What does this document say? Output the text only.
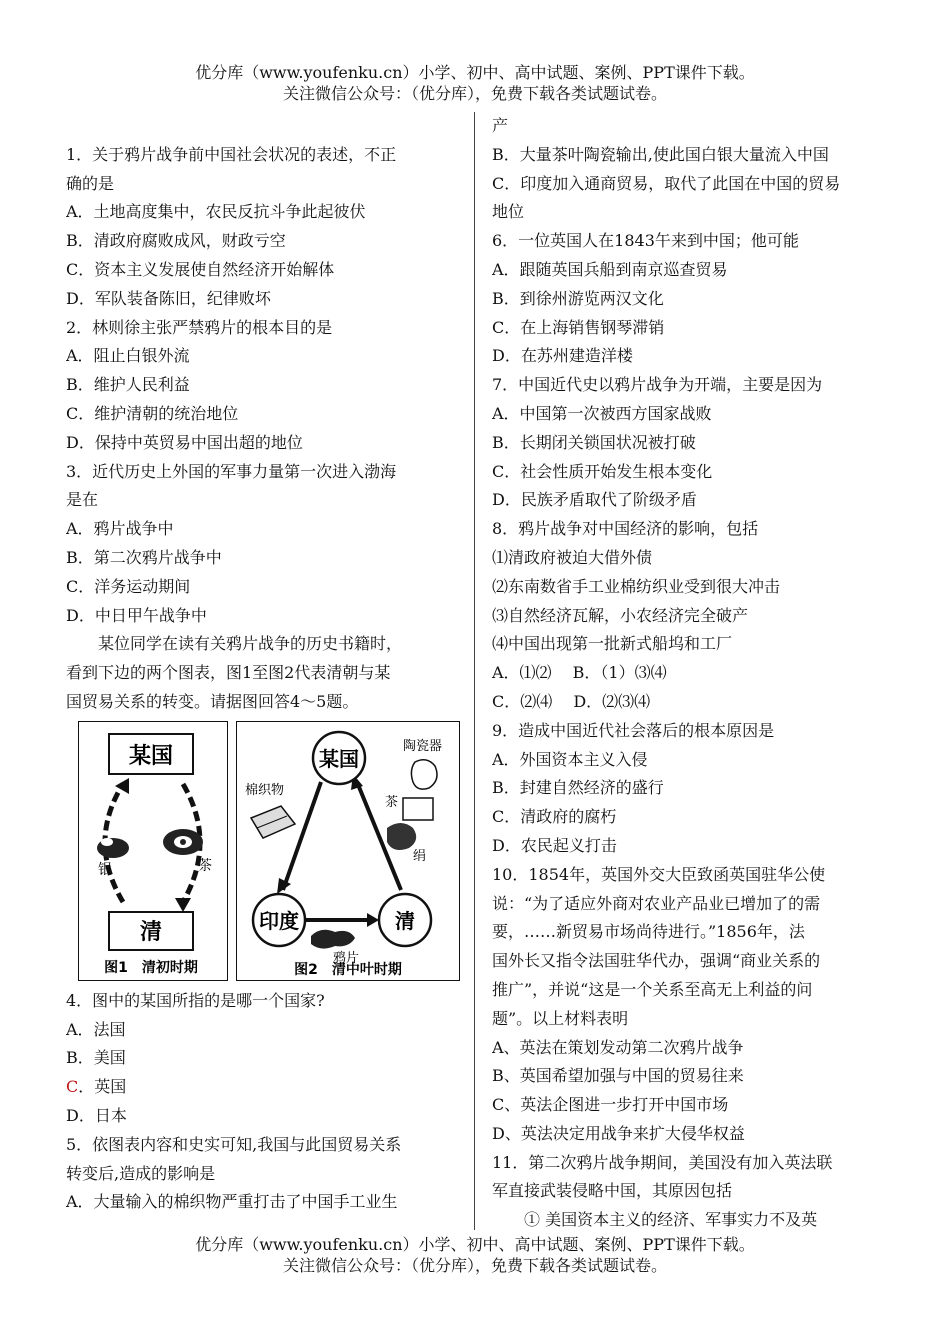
优分库（www.youfenku.cn）小学、初中、高中试题、案例、PPT课件下载。
关注微信公众号：（优分库），免费下载各类试题试卷。
1．关于鸦片战争前中国社会状况的表述，不正
确的是
A．土地高度集中，农民反抗斗争此起彼伏
B．清政府腐败成风，财政亏空
C．资本主义发展使自然经济开始解体
D．军队装备陈旧，纪律败坏
2．林则徐主张严禁鸦片的根本目的是
A．阻止白银外流
B．维护人民利益
C．维护清朝的统治地位
D．保持中英贸易中国出超的地位
3．近代历史上外国的军事力量第一次进入渤海
是在
A．鸦片战争中
B．第二次鸦片战争中
C．洋务运动期间
D．中日甲午战争中
　　某位同学在读有关鸦片战争的历史书籍时，
看到下边的两个图表，图1至图2代表清朝与某
国贸易关系的转变。请据图回答4～5题。
某国
清
银	茶
图1　清初时期
某国
印度	清
棉织物
陶瓷器
茶
绢
鸦片
图2　清中叶时期
4．图中的某国所指的是哪一个国家?
A．法国
B．美国
C．英国
D．日本
5．依图表内容和史实可知,我国与此国贸易关系
转变后,造成的影响是
A．大量输入的棉织物严重打击了中国手工业生
产
B．大量茶叶陶瓷输出,使此国白银大量流入中国
C．印度加入通商贸易，取代了此国在中国的贸易
地位
6．一位英国人在1843午来到中国；他可能
A．跟随英国兵船到南京巡查贸易
B．到徐州游览两汉文化
C．在上海销售钢琴滞销
D．在苏州建造洋楼
7．中国近代史以鸦片战争为开端，主要是因为
A．中国第一次被西方国家战败
B．长期闭关锁国状况被打破
C．社会性质开始发生根本变化
D．民族矛盾取代了阶级矛盾
8．鸦片战争对中国经济的影响，包括
⑴清政府被迫大借外债
⑵东南数省手工业棉纺织业受到很大冲击
⑶自然经济瓦解，小农经济完全破产
⑷中国出现第一批新式船坞和工厂
A．⑴⑵　 B．（1）⑶⑷
C．⑵⑷　 D．⑵⑶⑷
9．造成中国近代社会落后的根本原因是
A．外国资本主义入侵
B．封建自然经济的盛行
C．清政府的腐朽
D．农民起义打击
10．1854年，英国外交大臣致函英国驻华公使
说：“为了适应外商对农业产品业已增加了的需
要，……新贸易市场尚待进行。”1856年，法
国外长又指令法国驻华代办，强调“商业关系的
推广”，并说“这是一个关系至高无上利益的问
题”。以上材料表明
A、英法在策划发动第二次鸦片战争
B、英国希望加强与中国的贸易往来
C、英法企图进一步打开中国市场
D、英法决定用战争来扩大侵华权益
11．第二次鸦片战争期间，美国没有加入英法联
军直接武装侵略中国，其原因包括
　　① 美国资本主义的经济、军事实力不及英
优分库（www.youfenku.cn）小学、初中、高中试题、案例、PPT课件下载。
关注微信公众号：（优分库），免费下载各类试题试卷。
